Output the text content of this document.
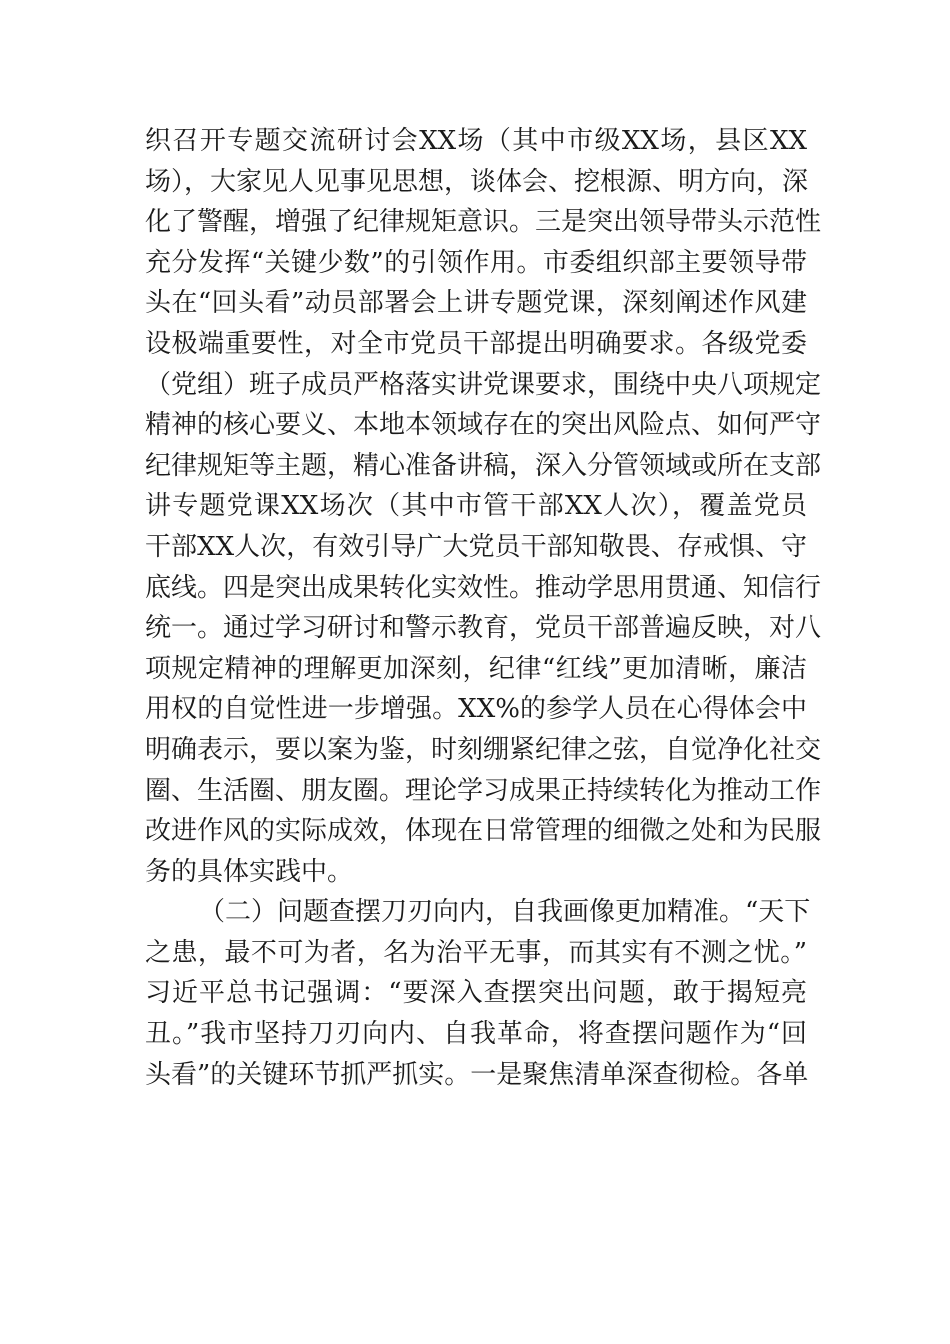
织召开专题交流研讨会XX场（其中市级XX场，县区XX
场），大家见人见事见思想，谈体会、挖根源、明方向，深
化了警醒，增强了纪律规矩意识。三是突出领导带头示范性
充分发挥“关键少数”的引领作用。市委组织部主要领导带
头在“回头看”动员部署会上讲专题党课，深刻阐述作风建
设极端重要性，对全市党员干部提出明确要求。各级党委
（党组）班子成员严格落实讲党课要求，围绕中央八项规定
精神的核心要义、本地本领域存在的突出风险点、如何严守
纪律规矩等主题，精心准备讲稿，深入分管领域或所在支部
讲专题党课XX场次（其中市管干部XX人次），覆盖党员
干部XX人次，有效引导广大党员干部知敬畏、存戒惧、守
底线。四是突出成果转化实效性。推动学思用贯通、知信行
统一。通过学习研讨和警示教育，党员干部普遍反映，对八
项规定精神的理解更加深刻，纪律“红线”更加清晰，廉洁
用权的自觉性进一步增强。XX%的参学人员在心得体会中
明确表示，要以案为鉴，时刻绷紧纪律之弦，自觉净化社交
圈、生活圈、朋友圈。理论学习成果正持续转化为推动工作
改进作风的实际成效，体现在日常管理的细微之处和为民服
务的具体实践中。
（二）问题查摆刀刃向内，自我画像更加精准。“天下
之患，最不可为者，名为治平无事，而其实有不测之忧。”
习近平总书记强调：“要深入查摆突出问题，敢于揭短亮
丑。”我市坚持刀刃向内、自我革命，将查摆问题作为“回
头看”的关键环节抓严抓实。一是聚焦清单深查彻检。各单
